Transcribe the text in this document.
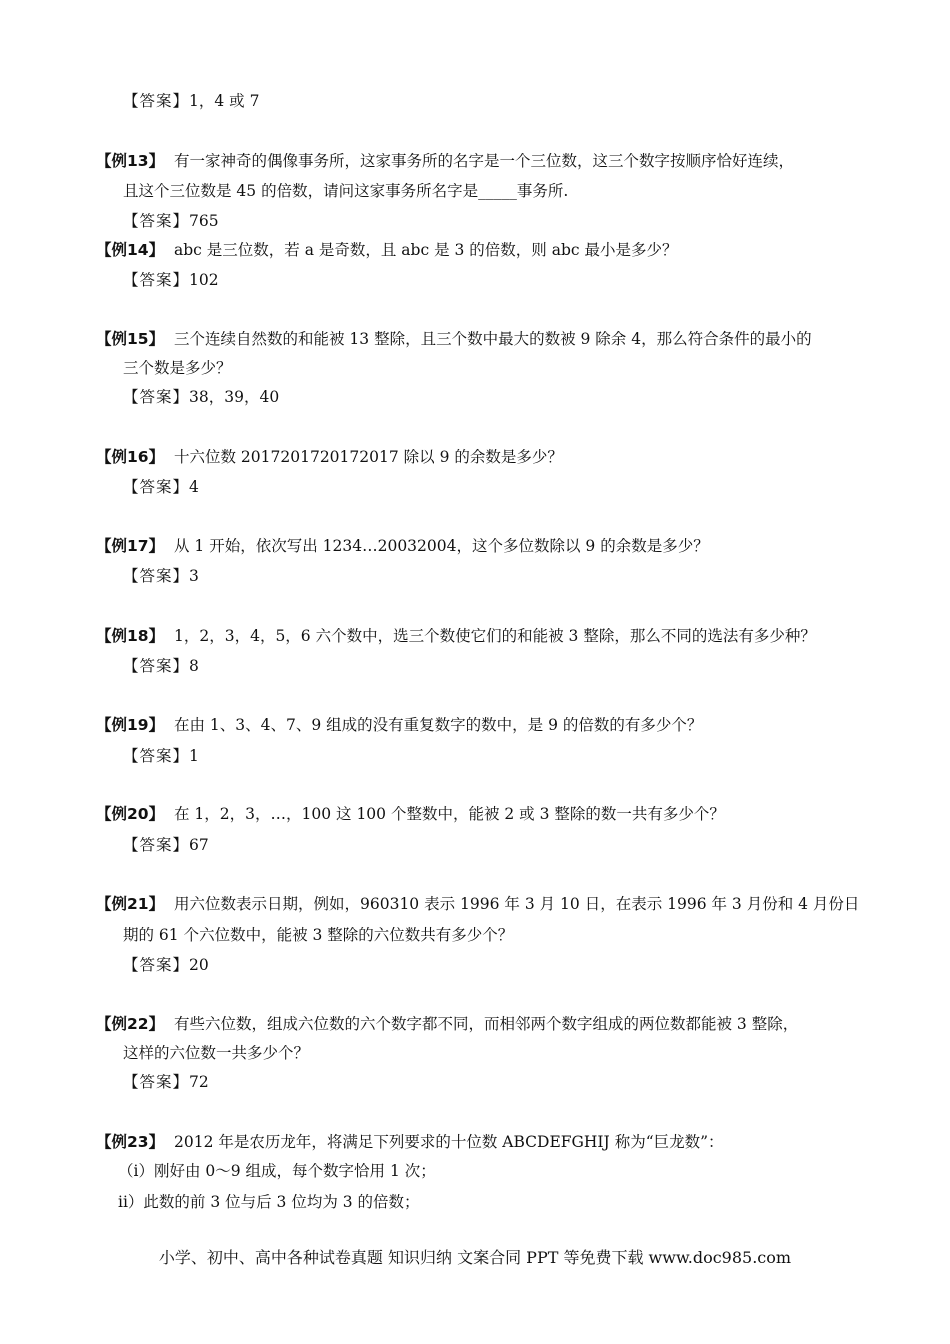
【答案】1，4 或 7
【例13】 有一家神奇的偶像事务所，这家事务所的名字是一个三位数，这三个数字按顺序恰好连续，
且这个三位数是 45 的倍数，请问这家事务所名字是_____事务所.
【答案】765
【例14】 abc 是三位数，若 a 是奇数，且 abc 是 3 的倍数，则 abc 最小是多少？
【答案】102
【例15】 三个连续自然数的和能被 13 整除，且三个数中最大的数被 9 除余 4，那么符合条件的最小的
三个数是多少？
【答案】38，39，40
【例16】 十六位数 2017201720172017 除以 9 的余数是多少？
【答案】4
【例17】 从 1 开始，依次写出 1234…20032004，这个多位数除以 9 的余数是多少？
【答案】3
【例18】 1，2，3，4，5，6 六个数中，选三个数使它们的和能被 3 整除，那么不同的选法有多少种？
【答案】8
【例19】 在由 1、3、4、7、9 组成的没有重复数字的数中，是 9 的倍数的有多少个？
【答案】1
【例20】 在 1，2，3，…，100 这 100 个整数中，能被 2 或 3 整除的数一共有多少个？
【答案】67
【例21】 用六位数表示日期，例如，960310 表示 1996 年 3 月 10 日，在表示 1996 年 3 月份和 4 月份日
期的 61 个六位数中，能被 3 整除的六位数共有多少个？
【答案】20
【例22】 有些六位数，组成六位数的六个数字都不同，而相邻两个数字组成的两位数都能被 3 整除，
这样的六位数一共多少个？
【答案】72
【例23】 2012 年是农历龙年，将满足下列要求的十位数 ABCDEFGHIJ 称为“巨龙数”：
（i）刚好由 0～9 组成，每个数字恰用 1 次；
ii）此数的前 3 位与后 3 位均为 3 的倍数；
小学、初中、高中各种试卷真题 知识归纳 文案合同 PPT 等免费下载 www.doc985.com
